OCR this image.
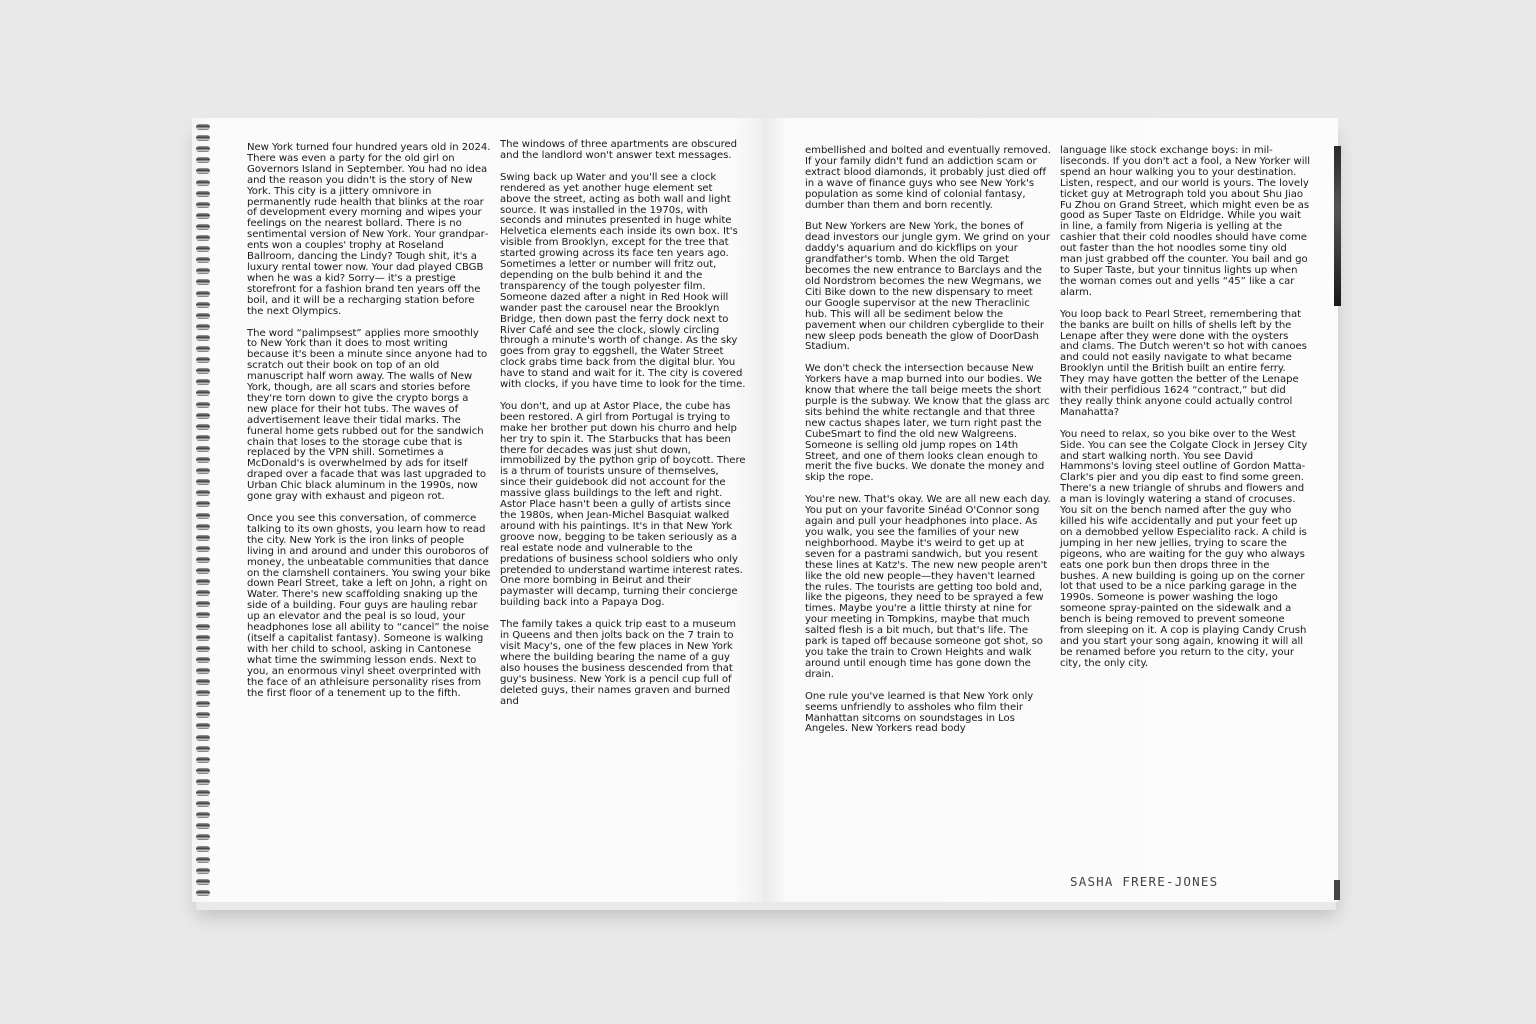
New York turned four hundred years old in 2024. There was even a party for the old girl on Governors Island in September. You had no idea and the reason you didn't is the story of New York. This city is a jittery omnivore in permanently rude health that blinks at the roar of development every morning and wipes your feelings on the nearest bollard. There is no sentimental version of New York. Your grandparents won a couples' trophy at Roseland Ballroom, dancing the Lindy? Tough shit, it's a luxury rental tower now. Your dad played CBGB when he was a kid? Sorry— it's a prestige storefront for a fashion brand ten years off the boil, and it will be a recharging station before the next Olympics.

The word “palimpsest” applies more smoothly to New York than it does to most writing because it's been a minute since anyone had to scratch out their book on top of an old manuscript half worn away. The walls of New York, though, are all scars and stories before they're torn down to give the crypto borgs a new place for their hot tubs. The waves of advertisement leave their tidal marks. The funeral home gets rubbed out for the sandwich chain that loses to the storage cube that is replaced by the VPN shill. Sometimes a McDonald's is overwhelmed by ads for itself draped over a facade that was last upgraded to Urban Chic black aluminum in the 1990s, now gone gray with exhaust and pigeon rot.

Once you see this conversation, of commerce talking to its own ghosts, you learn how to read the city. New York is the iron links of people living in and around and under this ouroboros of money, the unbeatable communities that dance on the clamshell containers. You swing your bike down Pearl Street, take a left on John, a right on Water. There's new scaffolding snaking up the side of a building. Four guys are hauling rebar up an elevator and the peal is so loud, your headphones lose all ability to “cancel” the noise (itself a capitalist fantasy). Someone is walking with her child to school, asking in Cantonese what time the swimming lesson ends. Next to you, an enormous vinyl sheet overprinted with the face of an athleisure personality rises from the first floor of a tenement up to the fifth.

The windows of three apartments are obscured and the landlord won't answer text messages.

Swing back up Water and you'll see a clock rendered as yet another huge element set above the street, acting as both wall and light source. It was installed in the 1970s, with seconds and minutes presented in huge white Helvetica elements each inside its own box. It's visible from Brooklyn, except for the tree that started growing across its face ten years ago. Sometimes a letter or number will fritz out, depending on the bulb behind it and the transparency of the tough polyester film. Someone dazed after a night in Red Hook will wander past the carousel near the Brooklyn Bridge, then down past the ferry dock next to River Café and see the clock, slowly circling through a minute's worth of change. As the sky goes from gray to eggshell, the Water Street clock grabs time back from the digital blur. You have to stand and wait for it. The city is covered with clocks, if you have time to look for the time.

You don't, and up at Astor Place, the cube has been restored. A girl from Portugal is trying to make her brother put down his churro and help her try to spin it. The Starbucks that has been there for decades was just shut down, immobilized by the python grip of boycott. There is a thrum of tourists unsure of themselves, since their guidebook did not account for the massive glass buildings to the left and right. Astor Place hasn't been a gully of artists since the 1980s, when Jean-Michel Basquiat walked around with his paintings. It's in that New York groove now, begging to be taken seriously as a real estate node and vulnerable to the predations of business school soldiers who only pretended to understand wartime interest rates. One more bombing in Beirut and their paymaster will decamp, turning their concierge building back into a Papaya Dog.

The family takes a quick trip east to a museum in Queens and then jolts back on the 7 train to visit Macy's, one of the few places in New York where the building bearing the name of a guy also houses the business descended from that guy's business. New York is a pencil cup full of deleted guys, their names graven and burned and

embellished and bolted and eventually removed. If your family didn't fund an addiction scam or extract blood diamonds, it probably just died off in a wave of finance guys who see New York's population as some kind of colonial fantasy, dumber than them and born recently.

But New Yorkers are New York, the bones of dead investors our jungle gym. We grind on your daddy's aquarium and do kickflips on your grandfather's tomb. When the old Target becomes the new entrance to Barclays and the old Nordstrom becomes the new Wegmans, we Citi Bike down to the new dispensary to meet our Google supervisor at the new Theraclinic hub. This will all be sediment below the pavement when our children cyberglide to their new sleep pods beneath the glow of DoorDash Stadium.

We don't check the intersection because New Yorkers have a map burned into our bodies. We know that where the tall beige meets the short purple is the subway. We know that the glass arc sits behind the white rectangle and that three new cactus shapes later, we turn right past the CubeSmart to find the old new Walgreens. Someone is selling old jump ropes on 14th Street, and one of them looks clean enough to merit the five bucks. We donate the money and skip the rope.

You're new. That's okay. We are all new each day. You put on your favorite Sinéad O'Connor song again and pull your headphones into place. As you walk, you see the families of your new neighborhood. Maybe it's weird to get up at seven for a pastrami sandwich, but you resent these lines at Katz's. The new new people aren't like the old new people—they haven't learned the rules. The tourists are getting too bold and, like the pigeons, they need to be sprayed a few times. Maybe you're a little thirsty at nine for your meeting in Tompkins, maybe that much salted flesh is a bit much, but that's life. The park is taped off because someone got shot, so you take the train to Crown Heights and walk around until enough time has gone down the drain.

One rule you've learned is that New York only seems unfriendly to assholes who film their Manhattan sitcoms on soundstages in Los Angeles. New Yorkers read body

language like stock exchange boys: in milliseconds. If you don't act a fool, a New Yorker will spend an hour walking you to your destination. Listen, respect, and our world is yours. The lovely ticket guy at Metrograph told you about Shu Jiao Fu Zhou on Grand Street, which might even be as good as Super Taste on Eldridge. While you wait in line, a family from Nigeria is yelling at the cashier that their cold noodles should have come out faster than the hot noodles some tiny old man just grabbed off the counter. You bail and go to Super Taste, but your tinnitus lights up when the woman comes out and yells “45” like a car alarm.

You loop back to Pearl Street, remembering that the banks are built on hills of shells left by the Lenape after they were done with the oysters and clams. The Dutch weren't so hot with canoes and could not easily navigate to what became Brooklyn until the British built an entire ferry. They may have gotten the better of the Lenape with their perfidious 1624 “contract,” but did they really think anyone could actually control Manahatta?

You need to relax, so you bike over to the West Side. You can see the Colgate Clock in Jersey City and start walking north. You see David Hammons's loving steel outline of Gordon Matta-Clark's pier and you dip east to find some green. There's a new triangle of shrubs and flowers and a man is lovingly watering a stand of crocuses. You sit on the bench named after the guy who killed his wife accidentally and put your feet up on a demobbed yellow Especialito rack. A child is jumping in her new jellies, trying to scare the pigeons, who are waiting for the guy who always eats one pork bun then drops three in the bushes. A new building is going up on the corner lot that used to be a nice parking garage in the 1990s. Someone is power washing the logo someone spray-painted on the sidewalk and a bench is being removed to prevent someone from sleeping on it. A cop is playing Candy Crush and you start your song again, knowing it will all be renamed before you return to the city, your city, the only city.

SASHA FRERE-JONES
